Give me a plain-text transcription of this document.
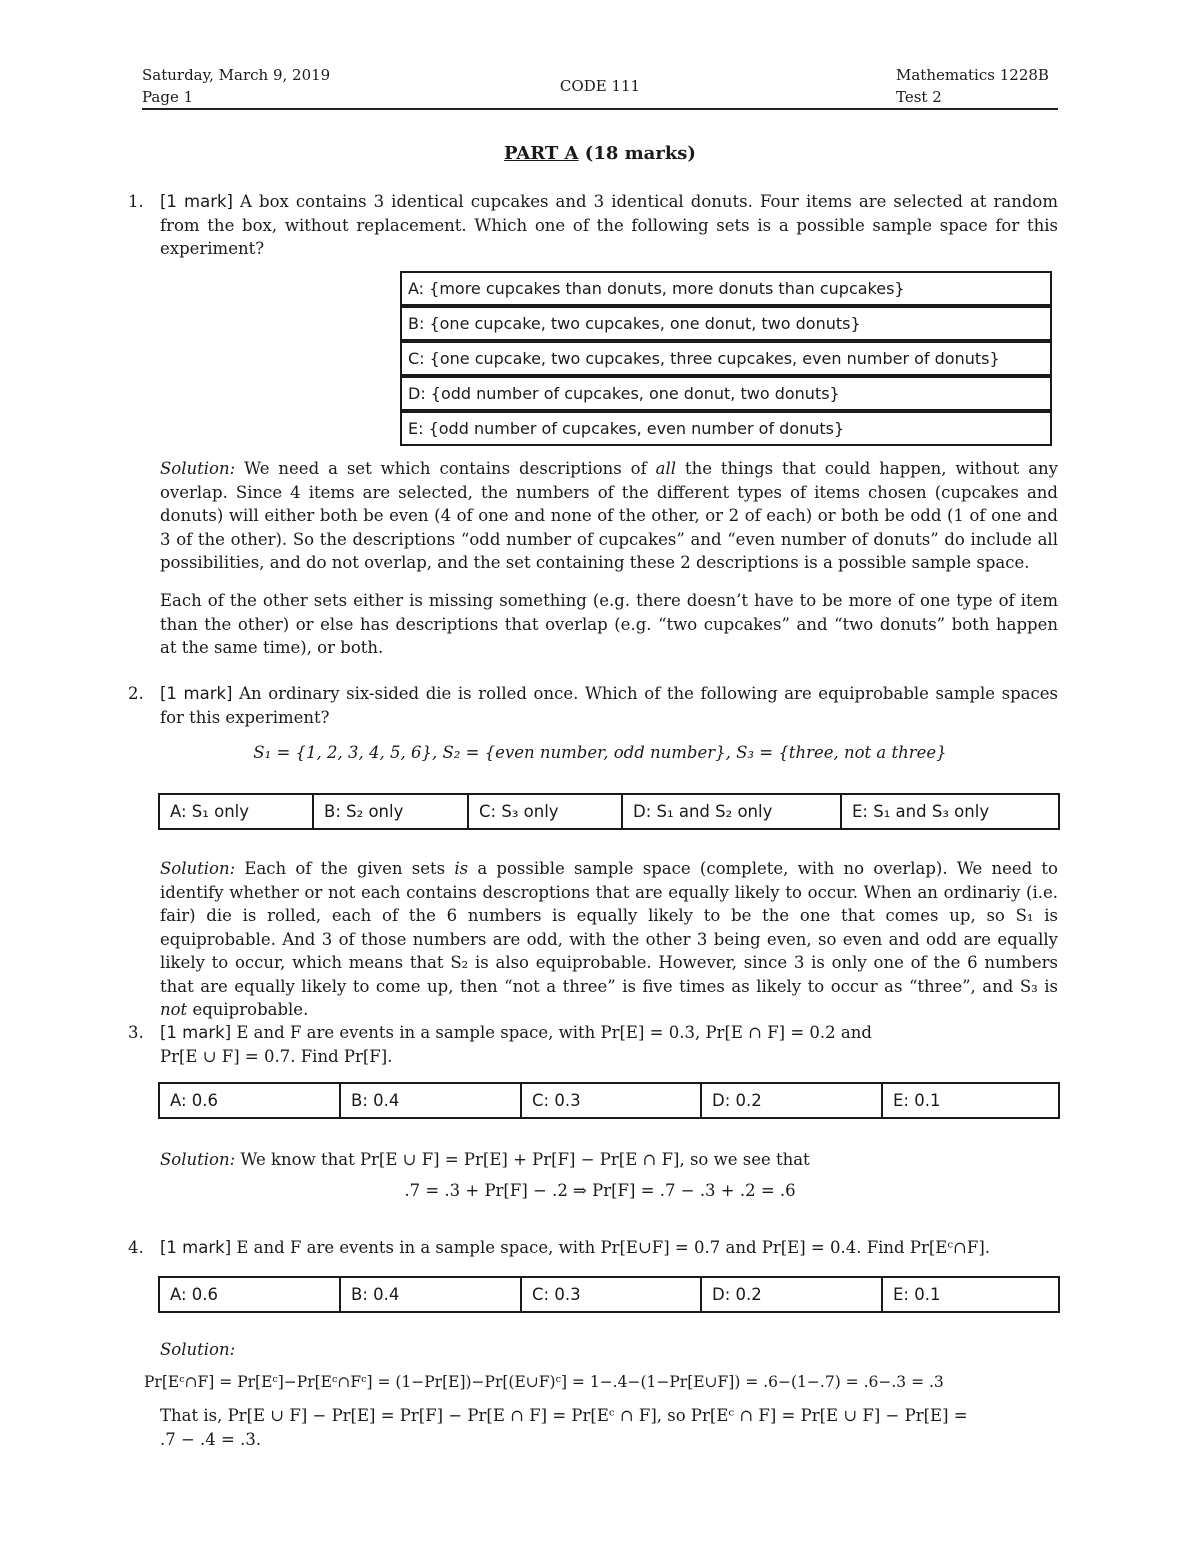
Saturday, March 9, 2019
Page 1
CODE 111
Mathematics 1228B
Test 2
PART A (18 marks)
1. [1 mark] A box contains 3 identical cupcakes and 3 identical donuts. Four items are selected at random from the box, without replacement. Which one of the following sets is a possible sample space for this experiment?
A: {more cupcakes than donuts, more donuts than cupcakes}
B: {one cupcake, two cupcakes, one donut, two donuts}
C: {one cupcake, two cupcakes, three cupcakes, even number of donuts}
D: {odd number of cupcakes, one donut, two donuts}
E: {odd number of cupcakes, even number of donuts}
Solution: We need a set which contains descriptions of all the things that could happen, without any overlap. Since 4 items are selected, the numbers of the different types of items chosen (cupcakes and donuts) will either both be even (4 of one and none of the other, or 2 of each) or both be odd (1 of one and 3 of the other). So the descriptions “odd number of cupcakes” and “even number of donuts” do include all possibilities, and do not overlap, and the set containing these 2 descriptions is a possible sample space.
Each of the other sets either is missing something (e.g. there doesn’t have to be more of one type of item than the other) or else has descriptions that overlap (e.g. “two cupcakes” and “two donuts” both happen at the same time), or both.
2. [1 mark] An ordinary six-sided die is rolled once. Which of the following are equiprobable sample spaces for this experiment?
S₁ = {1, 2, 3, 4, 5, 6}, S₂ = {even number, odd number}, S₃ = {three, not a three}
A: S₁ only	B: S₂ only	C: S₃ only	D: S₁ and S₂ only	E: S₁ and S₃ only
Solution: Each of the given sets is a possible sample space (complete, with no overlap). We need to identify whether or not each contains descroptions that are equally likely to occur. When an ordinariy (i.e. fair) die is rolled, each of the 6 numbers is equally likely to be the one that comes up, so S₁ is equiprobable. And 3 of those numbers are odd, with the other 3 being even, so even and odd are equally likely to occur, which means that S₂ is also equiprobable. However, since 3 is only one of the 6 numbers that are equally likely to come up, then “not a three” is five times as likely to occur as “three”, and S₃ is not equiprobable.
3. [1 mark] E and F are events in a sample space, with Pr[E] = 0.3, Pr[E ∩ F] = 0.2 and
Pr[E ∪ F] = 0.7. Find Pr[F].
A: 0.6	B: 0.4	C: 0.3	D: 0.2	E: 0.1
Solution: We know that Pr[E ∪ F] = Pr[E] + Pr[F] − Pr[E ∩ F], so we see that
.7 = .3 + Pr[F] − .2 ⇒ Pr[F] = .7 − .3 + .2 = .6
4. [1 mark] E and F are events in a sample space, with Pr[E∪F] = 0.7 and Pr[E] = 0.4. Find Pr[Eᶜ∩F].
A: 0.6	B: 0.4	C: 0.3	D: 0.2	E: 0.1
Solution:
Pr[Eᶜ∩F] = Pr[Eᶜ]−Pr[Eᶜ∩Fᶜ] = (1−Pr[E])−Pr[(E∪F)ᶜ] = 1−.4−(1−Pr[E∪F]) = .6−(1−.7) = .6−.3 = .3
That is, Pr[E ∪ F] − Pr[E] = Pr[F] − Pr[E ∩ F] = Pr[Eᶜ ∩ F], so Pr[Eᶜ ∩ F] = Pr[E ∪ F] − Pr[E] =
.7 − .4 = .3.
